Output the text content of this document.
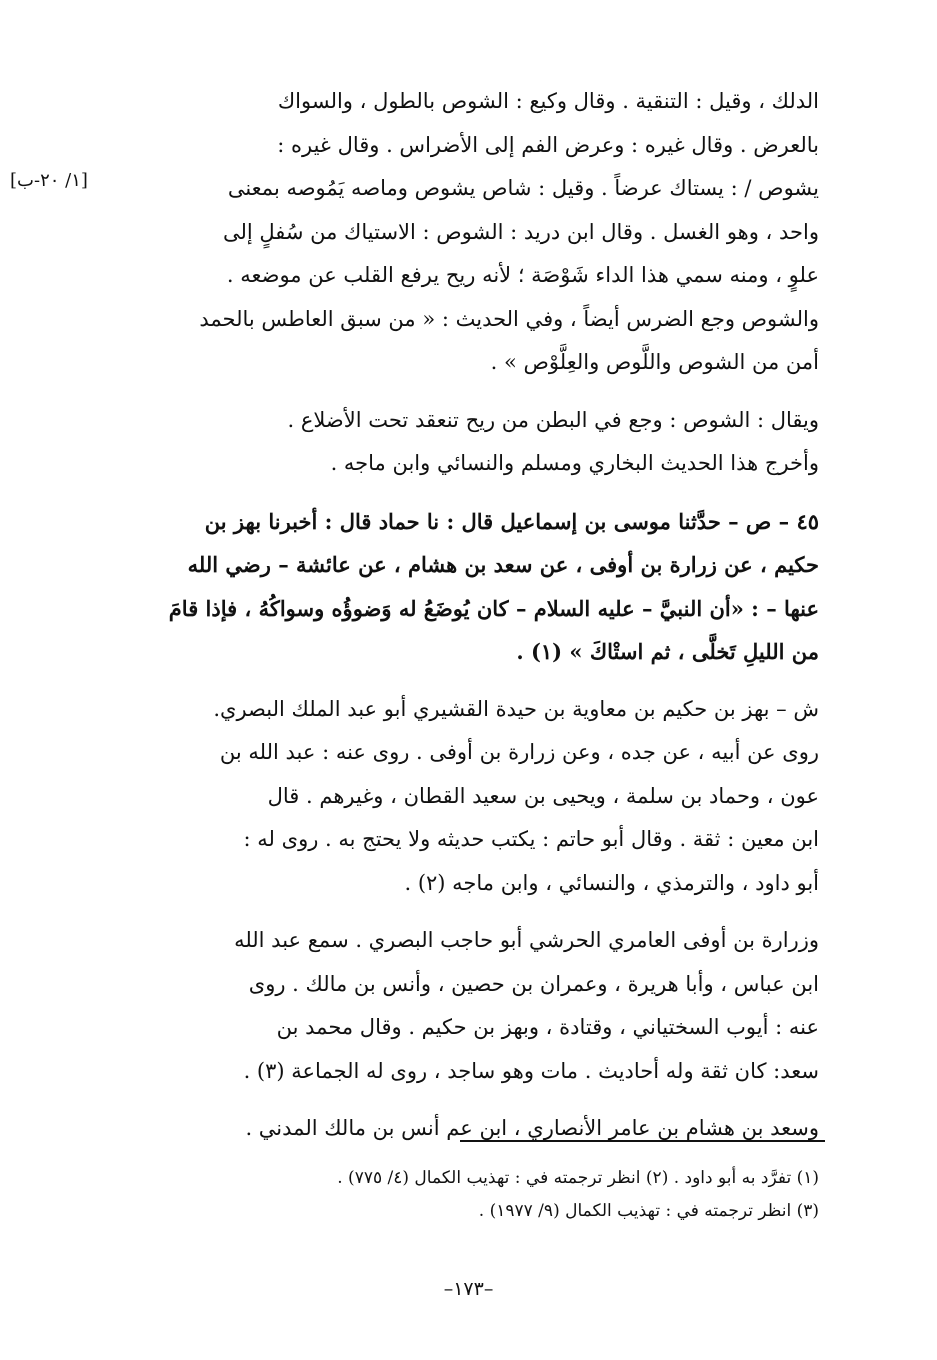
[١/ ٢٠-ب]
الدلك ، وقيل : التنقية . وقال وكيع : الشوص بالطول ، والسواك
بالعرض . وقال غيره : وعرض الفم إلى الأضراس . وقال غيره :
يشوص / : يستاك عرضاً . وقيل : شاص يشوص وماصه يَمُوصه بمعنى
واحد ، وهو الغسل . وقال ابن دريد : الشوص : الاستياك من سُفلٍ إلى
علوٍ ، ومنه سمي هذا الداء شَوْصَة ؛ لأنه ريح يرفع القلب عن موضعه .
والشوص وجع الضرس أيضاً ، وفي الحديث : « من سبق العاطس بالحمد
أمن من الشوص واللَّوص والعِلَّوْص » .
ويقال : الشوص : وجع في البطن من ريح تنعقد تحت الأضلاع .
وأخرج هذا الحديث البخاري ومسلم والنسائي وابن ماجه .
٤٥ – ص – حدَّثنا موسى بن إسماعيل قال : نا حماد قال : أخبرنا بهز بن
حكيم ، عن زرارة بن أوفى ، عن سعد بن هشام ، عن عائشة – رضي الله
عنها – : «أن النبيَّ – عليه السلام – كان يُوضَعُ له وَضوؤُه وسواكُهُ ، فإذا قامَ
من الليلِ تَخلَّى ، ثم استْاكَ » (١) .
ش – بهز بن حكيم بن معاوية بن حيدة القشيري أبو عبد الملك البصري.
روى عن أبيه ، عن جده ، وعن زرارة بن أوفى . روى عنه : عبد الله بن
عون ، وحماد بن سلمة ، ويحيى بن سعيد القطان ، وغيرهم . قال
ابن معين : ثقة . وقال أبو حاتم : يكتب حديثه ولا يحتج به . روى له :
أبو داود ، والترمذي ، والنسائي ، وابن ماجه (٢) .
وزرارة بن أوفى العامري الحرشي أبو حاجب البصري . سمع عبد الله
ابن عباس ، وأبا هريرة ، وعمران بن حصين ، وأنس بن مالك . روى
عنه : أيوب السختياني ، وقتادة ، وبهز بن حكيم . وقال محمد بن
سعد: كان ثقة وله أحاديث . مات وهو ساجد ، روى له الجماعة (٣) .
وسعد بن هشام بن عامر الأنصاري ، ابن عم أنس بن مالك المدني .
(١) تفرَّد به أبو داود . (٢) انظر ترجمته في : تهذيب الكمال (٤/ ٧٧٥) .
(٣) انظر ترجمته في : تهذيب الكمال (٩/ ١٩٧٧) .
–١٧٣–
